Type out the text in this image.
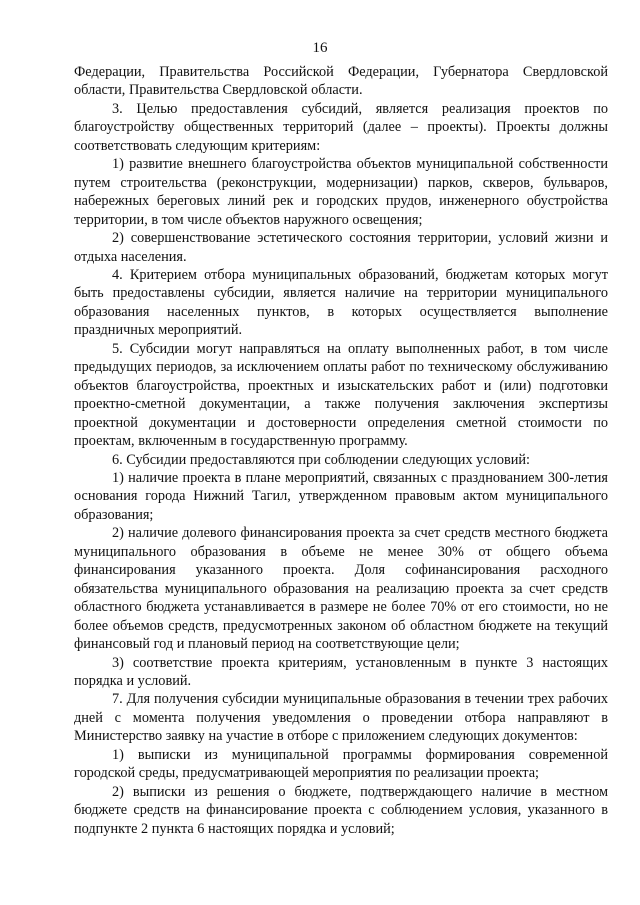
16

Федерации, Правительства Российской Федерации, Губернатора Свердловской области, Правительства Свердловской области.

3. Целью предоставления субсидий, является реализация проектов по благоустройству общественных территорий (далее – проекты). Проекты должны соответствовать следующим критериям:

1) развитие внешнего благоустройства объектов муниципальной собственности путем строительства (реконструкции, модернизации) парков, скверов, бульваров, набережных береговых линий рек и городских прудов, инженерного обустройства территории, в том числе объектов наружного освещения;

2) совершенствование эстетического состояния территории, условий жизни и отдыха населения.

4. Критерием отбора муниципальных образований, бюджетам которых могут быть предоставлены субсидии, является наличие на территории муниципального образования населенных пунктов, в которых осуществляется выполнение праздничных мероприятий.

5. Субсидии могут направляться на оплату выполненных работ, в том числе предыдущих периодов, за исключением оплаты работ по техническому обслуживанию объектов благоустройства, проектных и изыскательских работ и (или) подготовки проектно-сметной документации, а также получения заключения экспертизы проектной документации и достоверности определения сметной стоимости по проектам, включенным в государственную программу.

6. Субсидии предоставляются при соблюдении следующих условий:

1) наличие проекта в плане мероприятий, связанных с празднованием 300-летия основания города Нижний Тагил, утвержденном правовым актом муниципального образования;

2) наличие долевого финансирования проекта за счет средств местного бюджета муниципального образования в объеме не менее 30% от общего объема финансирования указанного проекта. Доля софинансирования расходного обязательства муниципального образования на реализацию проекта за счет средств областного бюджета устанавливается в размере не более 70% от его стоимости, но не более объемов средств, предусмотренных законом об областном бюджете на текущий финансовый год и плановый период на соответствующие цели;

3) соответствие проекта критериям, установленным в пункте 3 настоящих порядка и условий.

7. Для получения субсидии муниципальные образования в течении трех рабочих дней с момента получения уведомления о проведении отбора направляют в Министерство заявку на участие в отборе с приложением следующих документов:

1) выписки из муниципальной программы формирования современной городской среды, предусматривающей мероприятия по реализации проекта;

2) выписки из решения о бюджете, подтверждающего наличие в местном бюджете средств на финансирование проекта с соблюдением условия, указанного в подпункте 2 пункта 6 настоящих порядка и условий;
